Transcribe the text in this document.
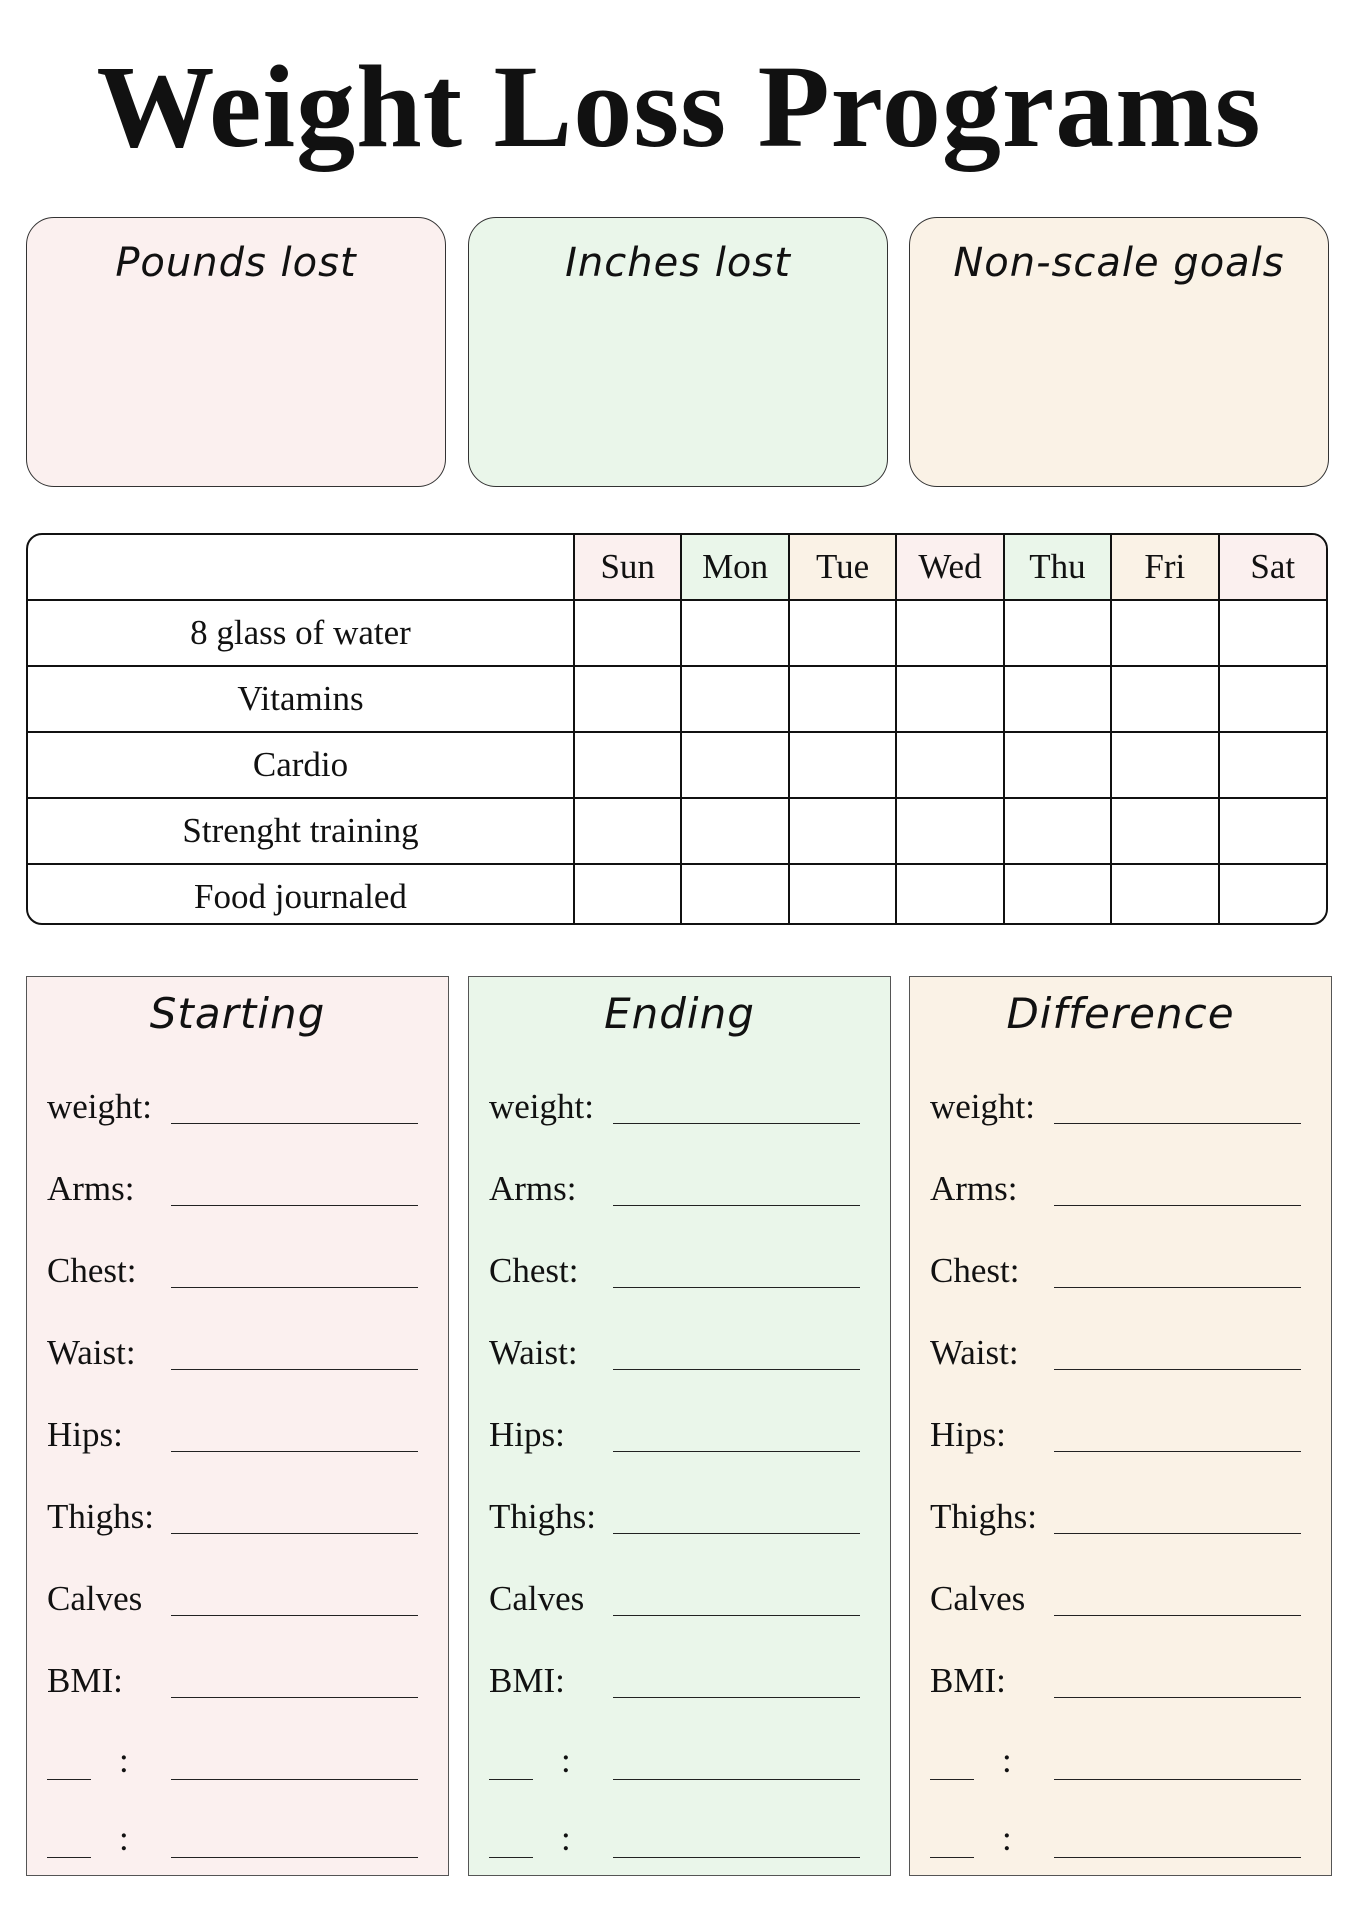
Weight Loss Programs
Pounds lost	Inches lost	Non-scale goals
	Sun	Mon	Tue	Wed	Thu	Fri	Sat
8 glass of water							
Vitamins							
Cardio							
Strenght training							
Food journaled							
Starting
weight:
Arms:
Chest:
Waist:
Hips:
Thighs:
Calves
BMI:
:
:
Ending
weight:
Arms:
Chest:
Waist:
Hips:
Thighs:
Calves
BMI:
:
:
Difference
weight:
Arms:
Chest:
Waist:
Hips:
Thighs:
Calves
BMI:
:
:
